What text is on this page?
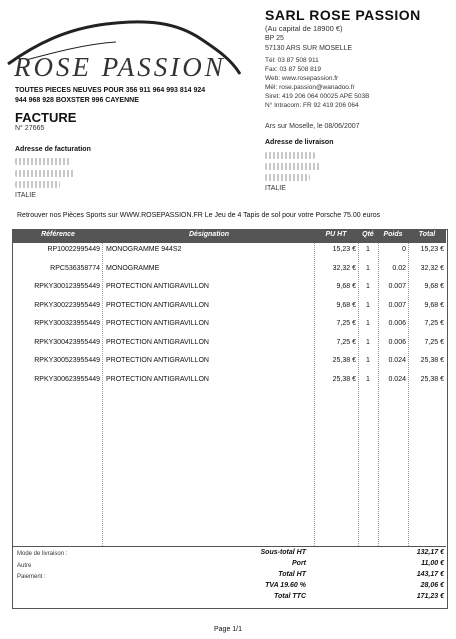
ROSE PASSION
TOUTES PIECES NEUVES POUR 356 911 964 993 814 924
944 968 928 BOXSTER 996 CAYENNE
SARL ROSE PASSION
(Au capital de 18900 €)
BP 25
57130 ARS SUR MOSELLE
Tél: 03 87 508 911
Fax: 03 87 508 819
Web: www.rosepassion.fr
Mél: rose.passion@wanadoo.fr
Siret: 419 206 064 00025 APE 503B
N° Intracom: FR 92 419 206 064
FACTURE
N° 27665	Ars sur Moselle, le 08/06/2007
Adresse de facturation
ITALIE
Adresse de livraison
ITALIE
Retrouver nos Pièces Sports sur WWW.ROSEPASSION.FR Le Jeu de 4 Tapis de sol pour votre Porsche 75.00 euros
Référence	Désignation	PU HT	Qté	Poids	Total
RP10022995449 MONOGRAMME 944S2	15,23 €	1	0	15,23 €
RPC536358774 MONOGRAMME	32,32 €	1	0.02	32,32 €
RPKY300123955449 PROTECTION ANTIGRAVILLON	9,68 €	1	0.007	9,68 €
RPKY300223955449 PROTECTION ANTIGRAVILLON	9,68 €	1	0.007	9,68 €
RPKY300323955449 PROTECTION ANTIGRAVILLON	7,25 €	1	0.006	7,25 €
RPKY300423955449 PROTECTION ANTIGRAVILLON	7,25 €	1	0.006	7,25 €
RPKY300523955449 PROTECTION ANTIGRAVILLON	25,38 €	1	0.024	25,38 €
RPKY300623955449 PROTECTION ANTIGRAVILLON	25,38 €	1	0.024	25,38 €
Mode de livraison :
Autre
Paiement :
Sous-total HT	132,17 €
Port	11,00 €
Total HT	143,17 €
TVA 19.60 %	28,06 €
Total TTC	171,23 €
Page 1/1
